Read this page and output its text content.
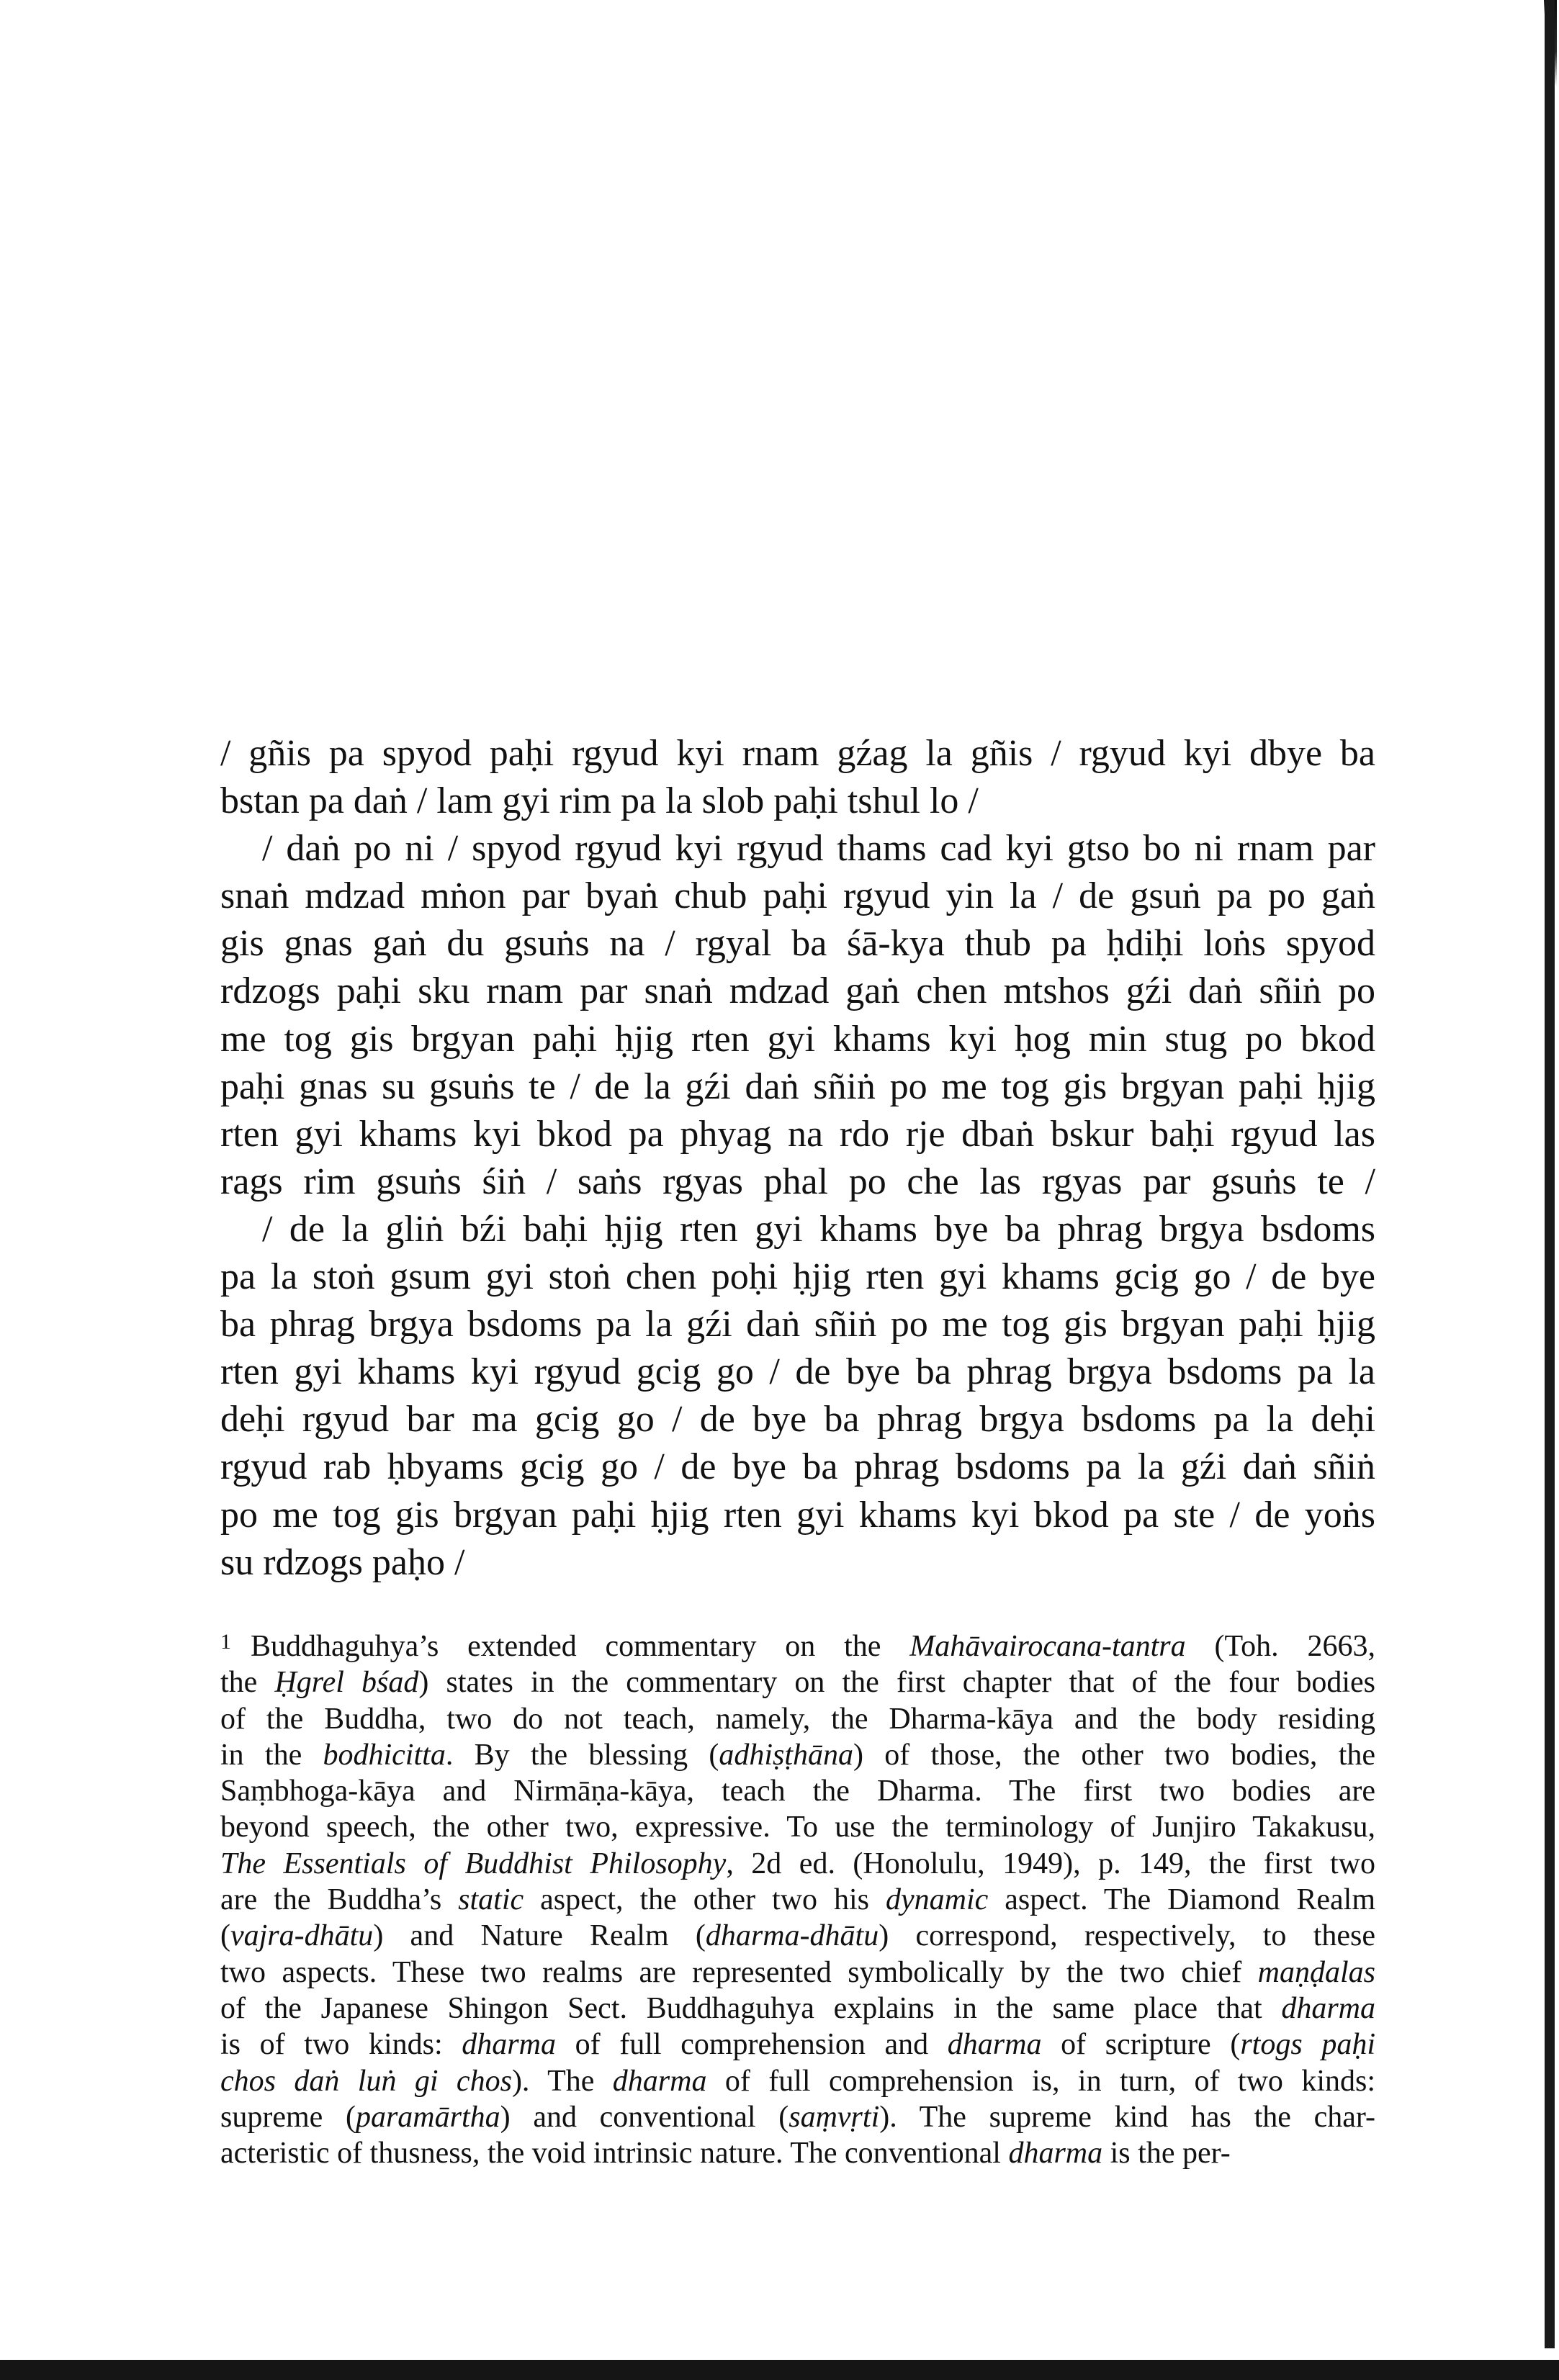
/ gñis pa spyod paḥi rgyud kyi rnam gźag la gñis / rgyud kyi dbye ba
bstan pa daṅ / lam gyi rim pa la slob paḥi tshul lo /
/ daṅ po ni / spyod rgyud kyi rgyud thams cad kyi gtso bo ni rnam par
snaṅ mdzad mṅon par byaṅ chub paḥi rgyud yin la / de gsuṅ pa po gaṅ
gis gnas gaṅ du gsuṅs na / rgyal ba śā-kya thub pa ḥdiḥi loṅs spyod
rdzogs paḥi sku rnam par snaṅ mdzad gaṅ chen mtshos gźi daṅ sñiṅ po
me tog gis brgyan paḥi ḥjig rten gyi khams kyi ḥog min stug po bkod
paḥi gnas su gsuṅs te / de la gźi daṅ sñiṅ po me tog gis brgyan paḥi ḥjig
rten gyi khams kyi bkod pa phyag na rdo rje dbaṅ bskur baḥi rgyud las
rags rim gsuṅs śiṅ / saṅs rgyas phal po che las rgyas par gsuṅs te /
/ de la gliṅ bźi baḥi ḥjig rten gyi khams bye ba phrag brgya bsdoms
pa la stoṅ gsum gyi stoṅ chen poḥi ḥjig rten gyi khams gcig go / de bye
ba phrag brgya bsdoms pa la gźi daṅ sñiṅ po me tog gis brgyan paḥi ḥjig
rten gyi khams kyi rgyud gcig go / de bye ba phrag brgya bsdoms pa la
deḥi rgyud bar ma gcig go / de bye ba phrag brgya bsdoms pa la deḥi
rgyud rab ḥbyams gcig go / de bye ba phrag bsdoms pa la gźi daṅ sñiṅ
po me tog gis brgyan paḥi ḥjig rten gyi khams kyi bkod pa ste / de yoṅs
su rdzogs paḥo /
1 Buddhaguhya’s extended commentary on the Mahāvairocana-tantra (Toh. 2663,
the Ḥgrel bśad) states in the commentary on the first chapter that of the four bodies
of the Buddha, two do not teach, namely, the Dharma-kāya and the body residing
in the bodhicitta. By the blessing (adhiṣṭhāna) of those, the other two bodies, the
Saṃbhoga-kāya and Nirmāṇa-kāya, teach the Dharma. The first two bodies are
beyond speech, the other two, expressive. To use the terminology of Junjiro Takakusu,
The Essentials of Buddhist Philosophy, 2d ed. (Honolulu, 1949), p. 149, the first two
are the Buddha’s static aspect, the other two his dynamic aspect. The Diamond Realm
(vajra-dhātu) and Nature Realm (dharma-dhātu) correspond, respectively, to these
two aspects. These two realms are represented symbolically by the two chief maṇḍalas
of the Japanese Shingon Sect. Buddhaguhya explains in the same place that dharma
is of two kinds: dharma of full comprehension and dharma of scripture (rtogs paḥi
chos daṅ luṅ gi chos). The dharma of full comprehension is, in turn, of two kinds:
supreme (paramārtha) and conventional (saṃvṛti). The supreme kind has the char-
acteristic of thusness, the void intrinsic nature. The conventional dharma is the per-
